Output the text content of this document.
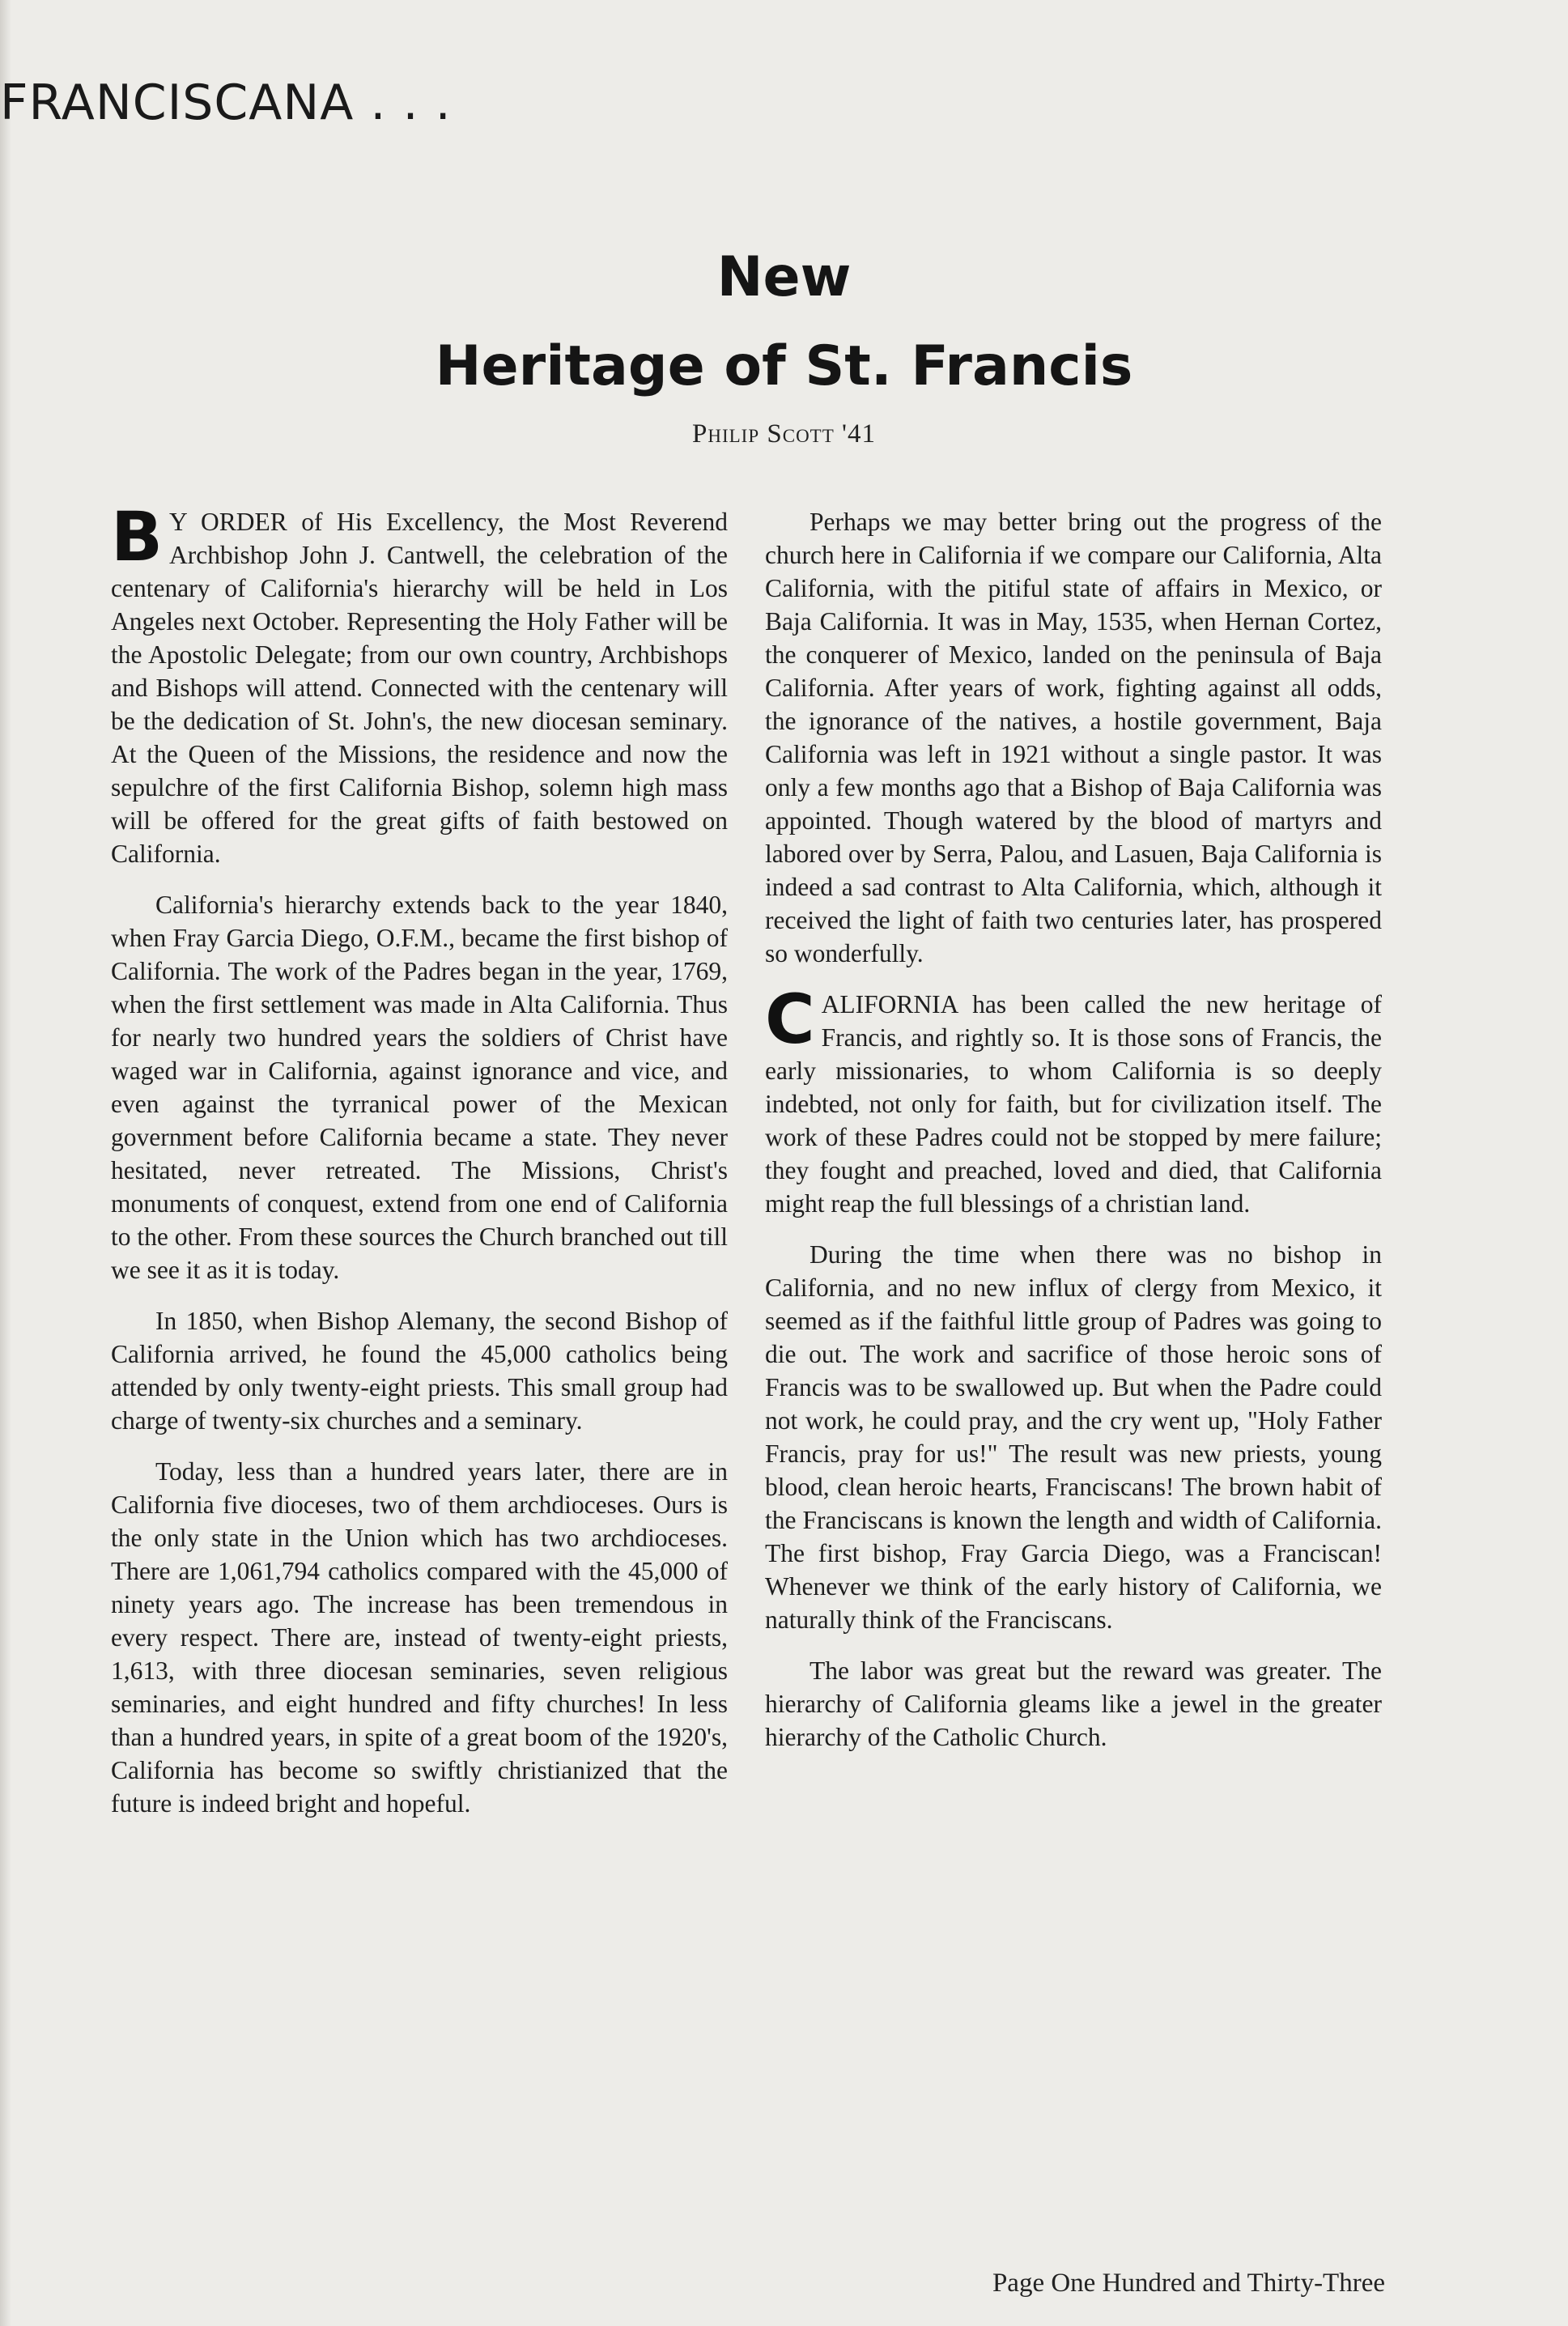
FRANCISCANA . . .
New
Heritage of St. Francis
Philip Scott '41

B Y ORDER of His Excellency, the Most Reverend Archbishop John J. Cantwell, the celebration of the centenary of California's hierarchy will be held in Los Angeles next October. Representing the Holy Father will be the Apostolic Delegate; from our own country, Archbishops and Bishops will attend. Connected with the centenary will be the dedication of St. John's, the new diocesan seminary. At the Queen of the Missions, the residence and now the sepulchre of the first California Bishop, solemn high mass will be offered for the great gifts of faith bestowed on California.

California's hierarchy extends back to the year 1840, when Fray Garcia Diego, O.F.M., became the first bishop of California. The work of the Padres began in the year, 1769, when the first settlement was made in Alta California. Thus for nearly two hundred years the soldiers of Christ have waged war in California, against ignorance and vice, and even against the tyrranical power of the Mexican government before California became a state. They never hesitated, never retreated. The Missions, Christ's monuments of conquest, extend from one end of California to the other. From these sources the Church branched out till we see it as it is today.

In 1850, when Bishop Alemany, the second Bishop of California arrived, he found the 45,000 catholics being attended by only twenty-eight priests. This small group had charge of twenty-six churches and a seminary.

Today, less than a hundred years later, there are in California five dioceses, two of them archdioceses. Ours is the only state in the Union which has two archdioceses. There are 1,061,794 catholics compared with the 45,000 of ninety years ago. The increase has been tremendous in every respect. There are, instead of twenty-eight priests, 1,613, with three diocesan seminaries, seven religious seminaries, and eight hundred and fifty churches! In less than a hundred years, in spite of a great boom of the 1920's, California has become so swiftly christianized that the future is indeed bright and hopeful.

Perhaps we may better bring out the progress of the church here in California if we compare our California, Alta California, with the pitiful state of affairs in Mexico, or Baja California. It was in May, 1535, when Hernan Cortez, the conquerer of Mexico, landed on the peninsula of Baja California. After years of work, fighting against all odds, the ignorance of the natives, a hostile government, Baja California was left in 1921 without a single pastor. It was only a few months ago that a Bishop of Baja California was appointed. Though watered by the blood of martyrs and labored over by Serra, Palou, and Lasuen, Baja California is indeed a sad contrast to Alta California, which, although it received the light of faith two centuries later, has prospered so wonderfully.

CALIFORNIA has been called the new heritage of Francis, and rightly so. It is those sons of Francis, the early missionaries, to whom California is so deeply indebted, not only for faith, but for civilization itself. The work of these Padres could not be stopped by mere failure; they fought and preached, loved and died, that California might reap the full blessings of a christian land.

During the time when there was no bishop in California, and no new influx of clergy from Mexico, it seemed as if the faithful little group of Padres was going to die out. The work and sacrifice of those heroic sons of Francis was to be swallowed up. But when the Padre could not work, he could pray, and the cry went up, "Holy Father Francis, pray for us!" The result was new priests, young blood, clean heroic hearts, Franciscans! The brown habit of the Franciscans is known the length and width of California. The first bishop, Fray Garcia Diego, was a Franciscan! Whenever we think of the early history of California, we naturally think of the Franciscans.

The labor was great but the reward was greater. The hierarchy of California gleams like a jewel in the greater hierarchy of the Catholic Church.

Page One Hundred and Thirty-Three
